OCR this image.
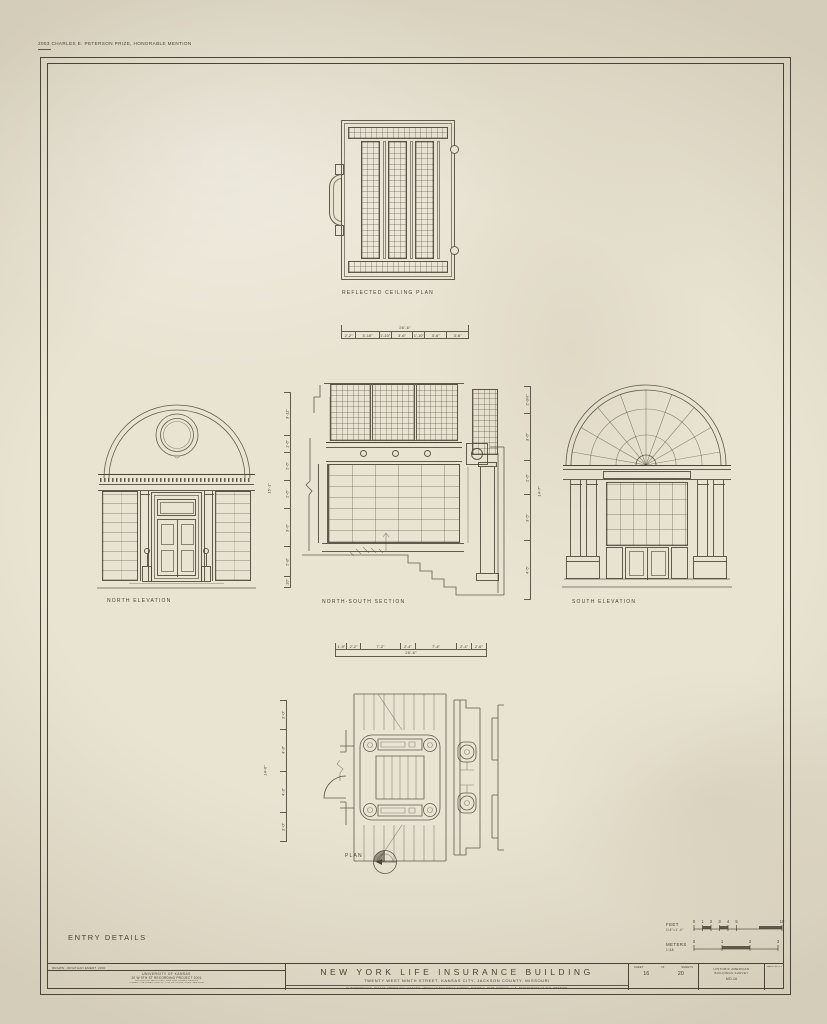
2003 CHARLES E. PETERSON PRIZE, HONORABLE MENTION
REFLECTED CEILING PLAN
26'-6"
2'-2" 3'-10" 1'-10" 3'-6" 1'-10" 3'-6"	3'-6"
NORTH ELEVATION	NORTH-SOUTH SECTION
3'-11"
1'-6"
2'-6"
2'-6"
3'-6"
2'-8"
10"
15'-1"
2'-0½"
3'-6"
2'-6"
3'-5"
4'-5"
14'-7"
SOUTH ELEVATION
1'-9" 2'-2"	7'-2"	2'-4"	7'-4"	2'-4" 2'-6"
26'-6"
PLAN
3'-0"
4'-3"
4'-3"
3'-0"
14'-6"
FEET
1/4"=1'-0"
0 1 2 3 4 5	10
METERS
1:48
0	1	2	3
ENTRY DETAILS
DRAWN: JONATHAN EMERT, 2000
UNIVERSITY OF KANSAS
20 W 9TH ST RECORDING PROJECT 2001
SCHOOL OF ARCHITECTURE AND URBAN DESIGN
UNDER THE DIRECTION OF THE NATIONAL PARK SERVICE
NEW YORK LIFE INSURANCE BUILDING
TWENTY WEST NINTH STREET, KANSAS CITY, JACKSON COUNTY, MISSOURI
IF REPRODUCED, PLEASE CREDIT THE HISTORIC AMERICAN BUILDINGS SURVEY, NATIONAL PARK SERVICE, U.S. DEPARTMENT OF THE INTERIOR
SHEET	OF	SHEETS
16	20
HISTORIC AMERICAN
BUILDINGS SURVEY
MO-16
HABS MO-16
